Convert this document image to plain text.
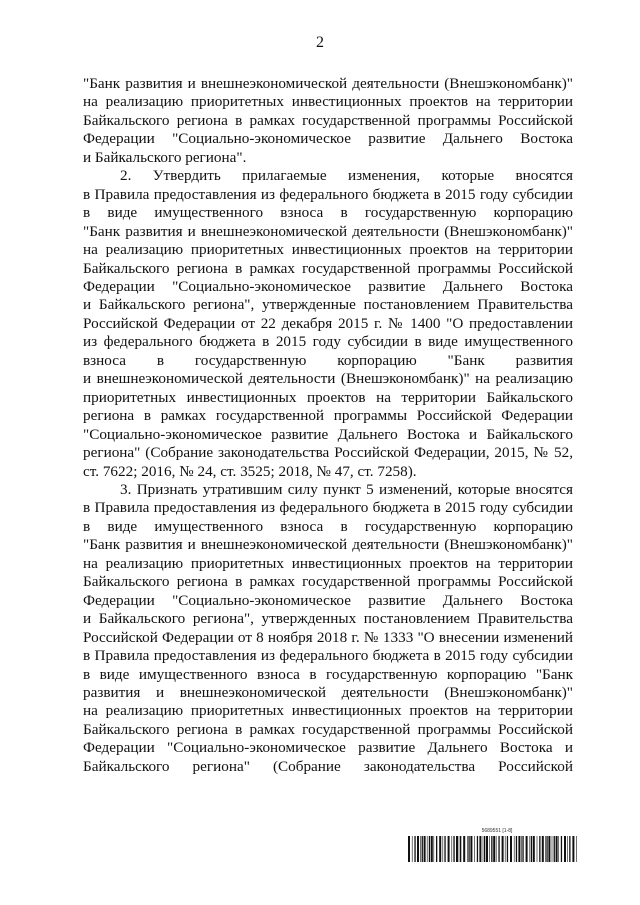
2
"Банк развития и внешнеэкономической деятельности (Внешэкономбанк)"
на реализацию приоритетных инвестиционных проектов на территории
Байкальского региона в рамках государственной программы Российской
Федерации "Социально-экономическое развитие Дальнего Востока
и Байкальского региона".
2. Утвердить прилагаемые изменения, которые вносятся
в Правила предоставления из федерального бюджета в 2015 году субсидии
в виде имущественного взноса в государственную корпорацию
"Банк развития и внешнеэкономической деятельности (Внешэкономбанк)"
на реализацию приоритетных инвестиционных проектов на территории
Байкальского региона в рамках государственной программы Российской
Федерации "Социально-экономическое развитие Дальнего Востока
и Байкальского региона", утвержденные постановлением Правительства
Российской Федерации от 22 декабря 2015 г. № 1400 "О предоставлении
из федерального бюджета в 2015 году субсидии в виде имущественного
взноса в государственную корпорацию "Банк развития
и внешнеэкономической деятельности (Внешэкономбанк)" на реализацию
приоритетных инвестиционных проектов на территории Байкальского
региона в рамках государственной программы Российской Федерации
"Социально-экономическое развитие Дальнего Востока и Байкальского
региона" (Собрание законодательства Российской Федерации, 2015, № 52,
ст. 7622; 2016, № 24, ст. 3525; 2018, № 47, ст. 7258).
3. Признать утратившим силу пункт 5 изменений, которые вносятся
в Правила предоставления из федерального бюджета в 2015 году субсидии
в виде имущественного взноса в государственную корпорацию
"Банк развития и внешнеэкономической деятельности (Внешэкономбанк)"
на реализацию приоритетных инвестиционных проектов на территории
Байкальского региона в рамках государственной программы Российской
Федерации "Социально-экономическое развитие Дальнего Востока
и Байкальского региона", утвержденных постановлением Правительства
Российской Федерации от 8 ноября 2018 г. № 1333 "О внесении изменений
в Правила предоставления из федерального бюджета в 2015 году субсидии
в виде имущественного взноса в государственную корпорацию "Банк
развития и внешнеэкономической деятельности (Внешэкономбанк)"
на реализацию приоритетных инвестиционных проектов на территории
Байкальского региона в рамках государственной программы Российской
Федерации "Социально-экономическое развитие Дальнего Востока и
Байкальского региона" (Собрание законодательства Российской
5689551 [1-8]
